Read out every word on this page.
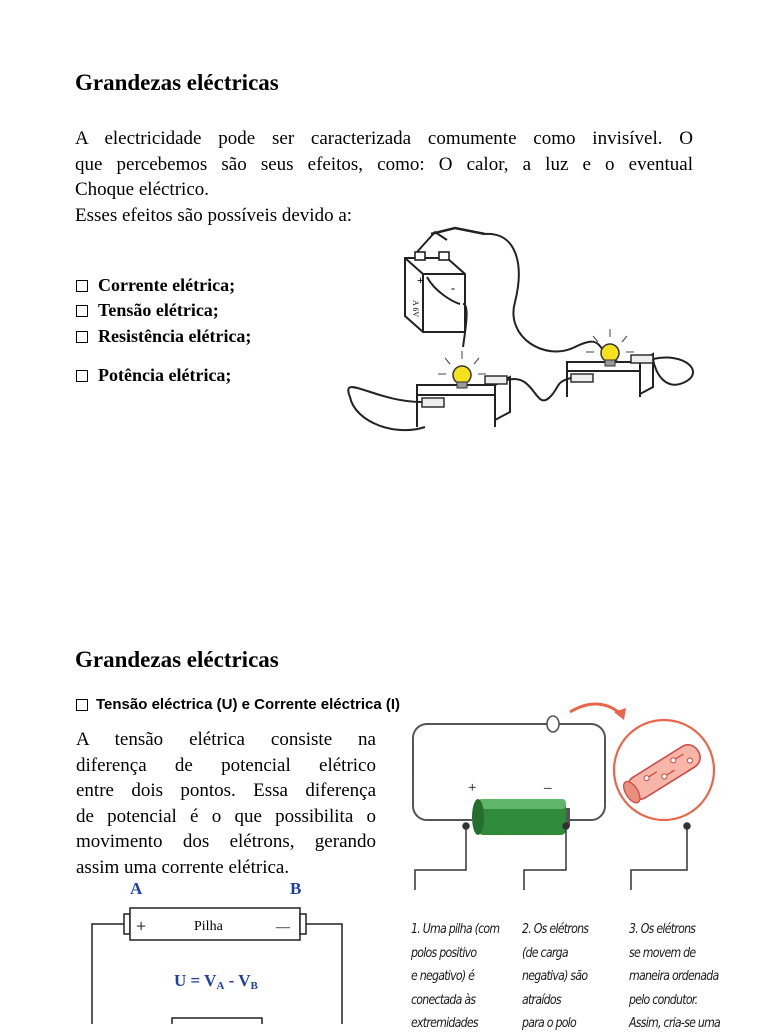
Grandezas eléctricas
A electricidade pode ser caracterizada comumente como invisível. O
que percebemos são seus efeitos, como: O calor, a luz e o eventual
Choque eléctrico.
Esses efeitos são possíveis devido a:
Corrente elétrica;
Tensão elétrica;
Resistência elétrica;
Potência elétrica;
+
-
A 6V
Grandezas eléctricas
Tensão eléctrica (U) e Corrente eléctrica (I)
A tensão elétrica consiste na
diferença de potencial elétrico
entre dois pontos. Essa diferença
de potencial é o que possibilita o
movimento dos elétrons, gerando
assim uma corrente elétrica.
A	B
+	—
Pilha
U = VA - VB
+	–
1. Uma pilha (com
polos positivo
e negativo) é
conectada às
extremidades
2. Os elétrons
(de carga
negativa) são
atraídos
para o polo
3. Os elétrons
se movem de
maneira ordenada
pelo condutor.
Assim, cria-se uma
